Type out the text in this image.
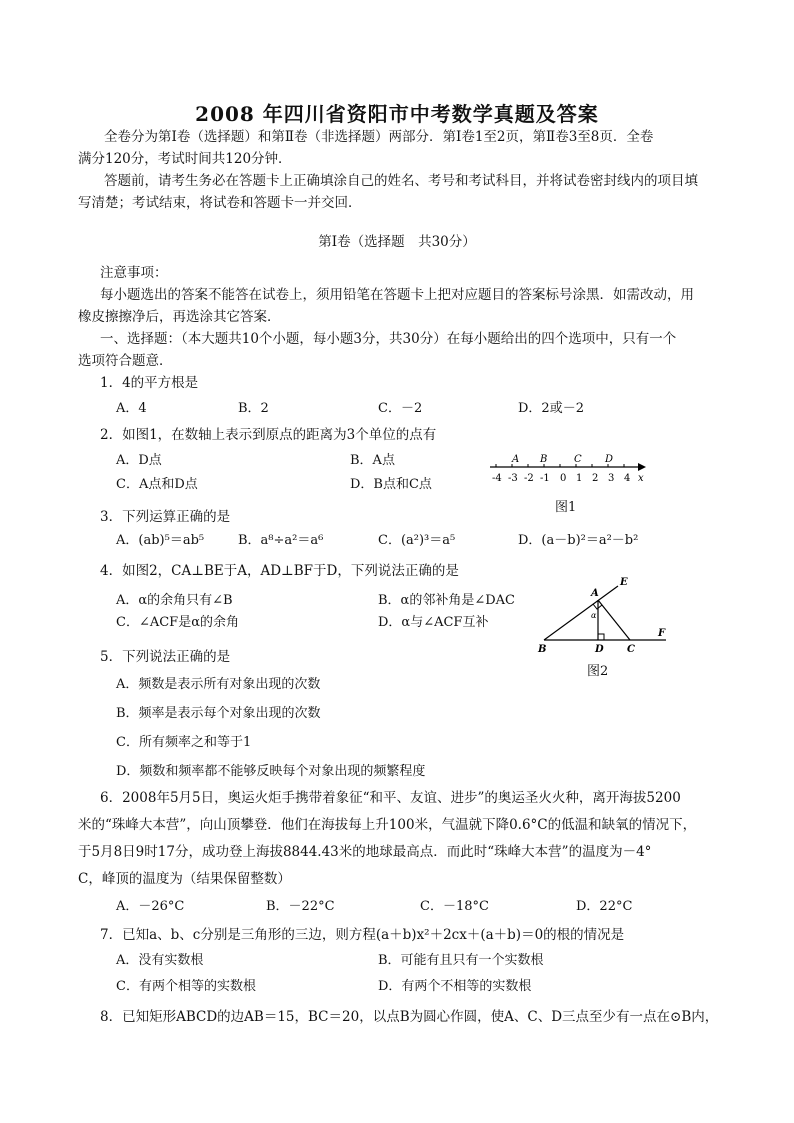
2008 年四川省资阳市中考数学真题及答案
全卷分为第Ⅰ卷（选择题）和第Ⅱ卷（非选择题）两部分．第Ⅰ卷1至2页，第Ⅱ卷3至8页．全卷
满分120分，考试时间共120分钟．
答题前，请考生务必在答题卡上正确填涂自己的姓名、考号和考试科目，并将试卷密封线内的项目填
写清楚；考试结束，将试卷和答题卡一并交回．
第Ⅰ卷（选择题　共30分）
注意事项：
每小题选出的答案不能答在试卷上，须用铅笔在答题卡上把对应题目的答案标号涂黑．如需改动，用
橡皮擦擦净后，再选涂其它答案．
一、选择题：（本大题共10个小题，每小题3分，共30分）在每小题给出的四个选项中，只有一个
选项符合题意．
1．4的平方根是
A．4	B．2	C．－2	D．2或－2
2．如图1，在数轴上表示到原点的距离为3个单位的点有
A．D点	B．A点
C．A点和D点	D．B点和C点
A B	C D
-4 -3 -2 -1 0 1 2 3 4 x
图1
3．下列运算正确的是
A．(ab)⁵＝ab⁵	B．a⁸÷a²＝a⁶	C．(a²)³＝a⁵	D．(a－b)²＝a²－b²
4．如图2，CA⊥BE于A，AD⊥BF于D，下列说法正确的是
A．α的余角只有∠B	B．α的邻补角是∠DAC
C．∠ACF是α的余角	D．α与∠ACF互补
A
B	C
D
E
F
α
图2
5．下列说法正确的是
A．频数是表示所有对象出现的次数
B．频率是表示每个对象出现的次数
C．所有频率之和等于1
D．频数和频率都不能够反映每个对象出现的频繁程度
6．2008年5月5日，奥运火炬手携带着象征“和平、友谊、进步”的奥运圣火火种，离开海拔5200
米的“珠峰大本营”，向山顶攀登．他们在海拔每上升100米，气温就下降0.6°C的低温和缺氧的情况下，
于5月8日9时17分，成功登上海拔8844.43米的地球最高点．而此时“珠峰大本营”的温度为－4°
C，峰顶的温度为（结果保留整数）
A．－26°C	B．－22°C	C．－18°C	D．22°C
7．已知a、b、c分别是三角形的三边，则方程(a＋b)x²＋2cx＋(a＋b)＝0的根的情况是
A．没有实数根	B．可能有且只有一个实数根
C．有两个相等的实数根	D．有两个不相等的实数根
8．已知矩形ABCD的边AB＝15，BC＝20，以点B为圆心作圆，使A、C、D三点至少有一点在⊙B内，
